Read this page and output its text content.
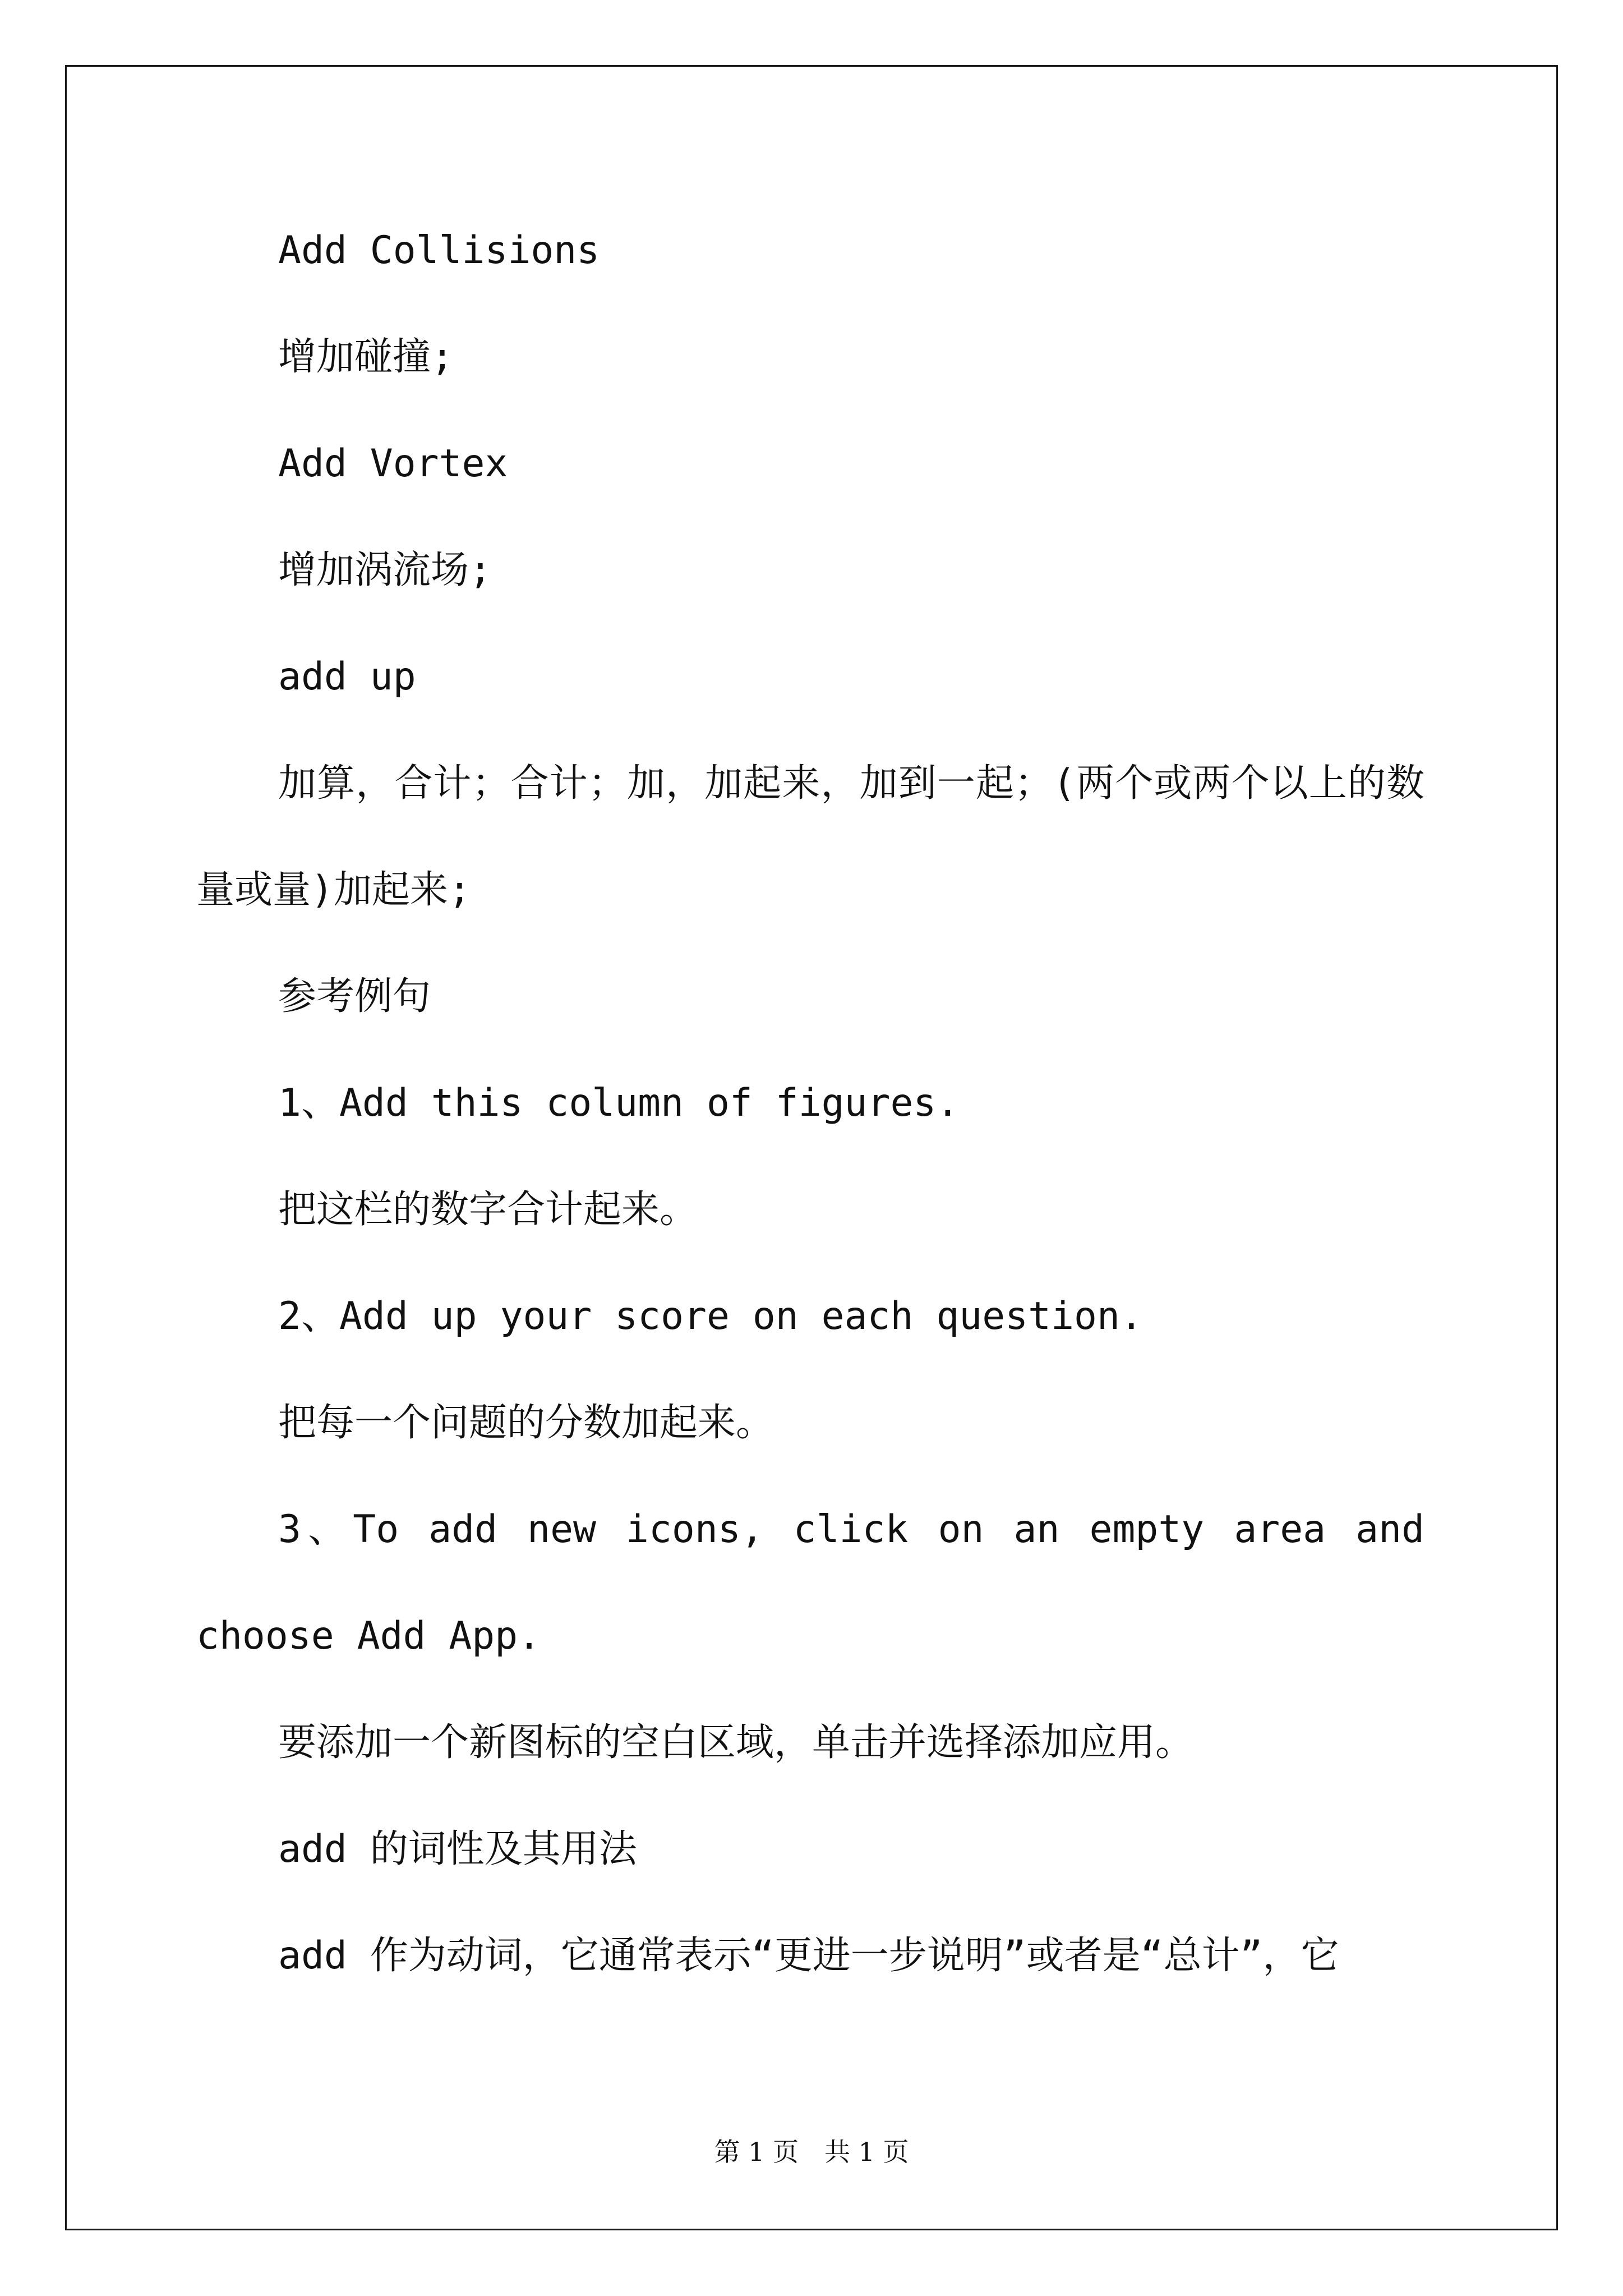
Add Collisions

增加碰撞;

Add Vortex

增加涡流场;

add up

加算，合计；合计；加，加起来，加到一起；(两个或两个以上的数量或量)加起来;

参考例句

1、Add this column of figures.

把这栏的数字合计起来。

2、Add up your score on each question.

把每一个问题的分数加起来。

3、To add new icons, click on an empty area and choose Add App.

要添加一个新图标的空白区域，单击并选择添加应用。

add 的词性及其用法

add 作为动词，它通常表示“更进一步说明”或者是“总计”，它

第 1 页　共 1 页
